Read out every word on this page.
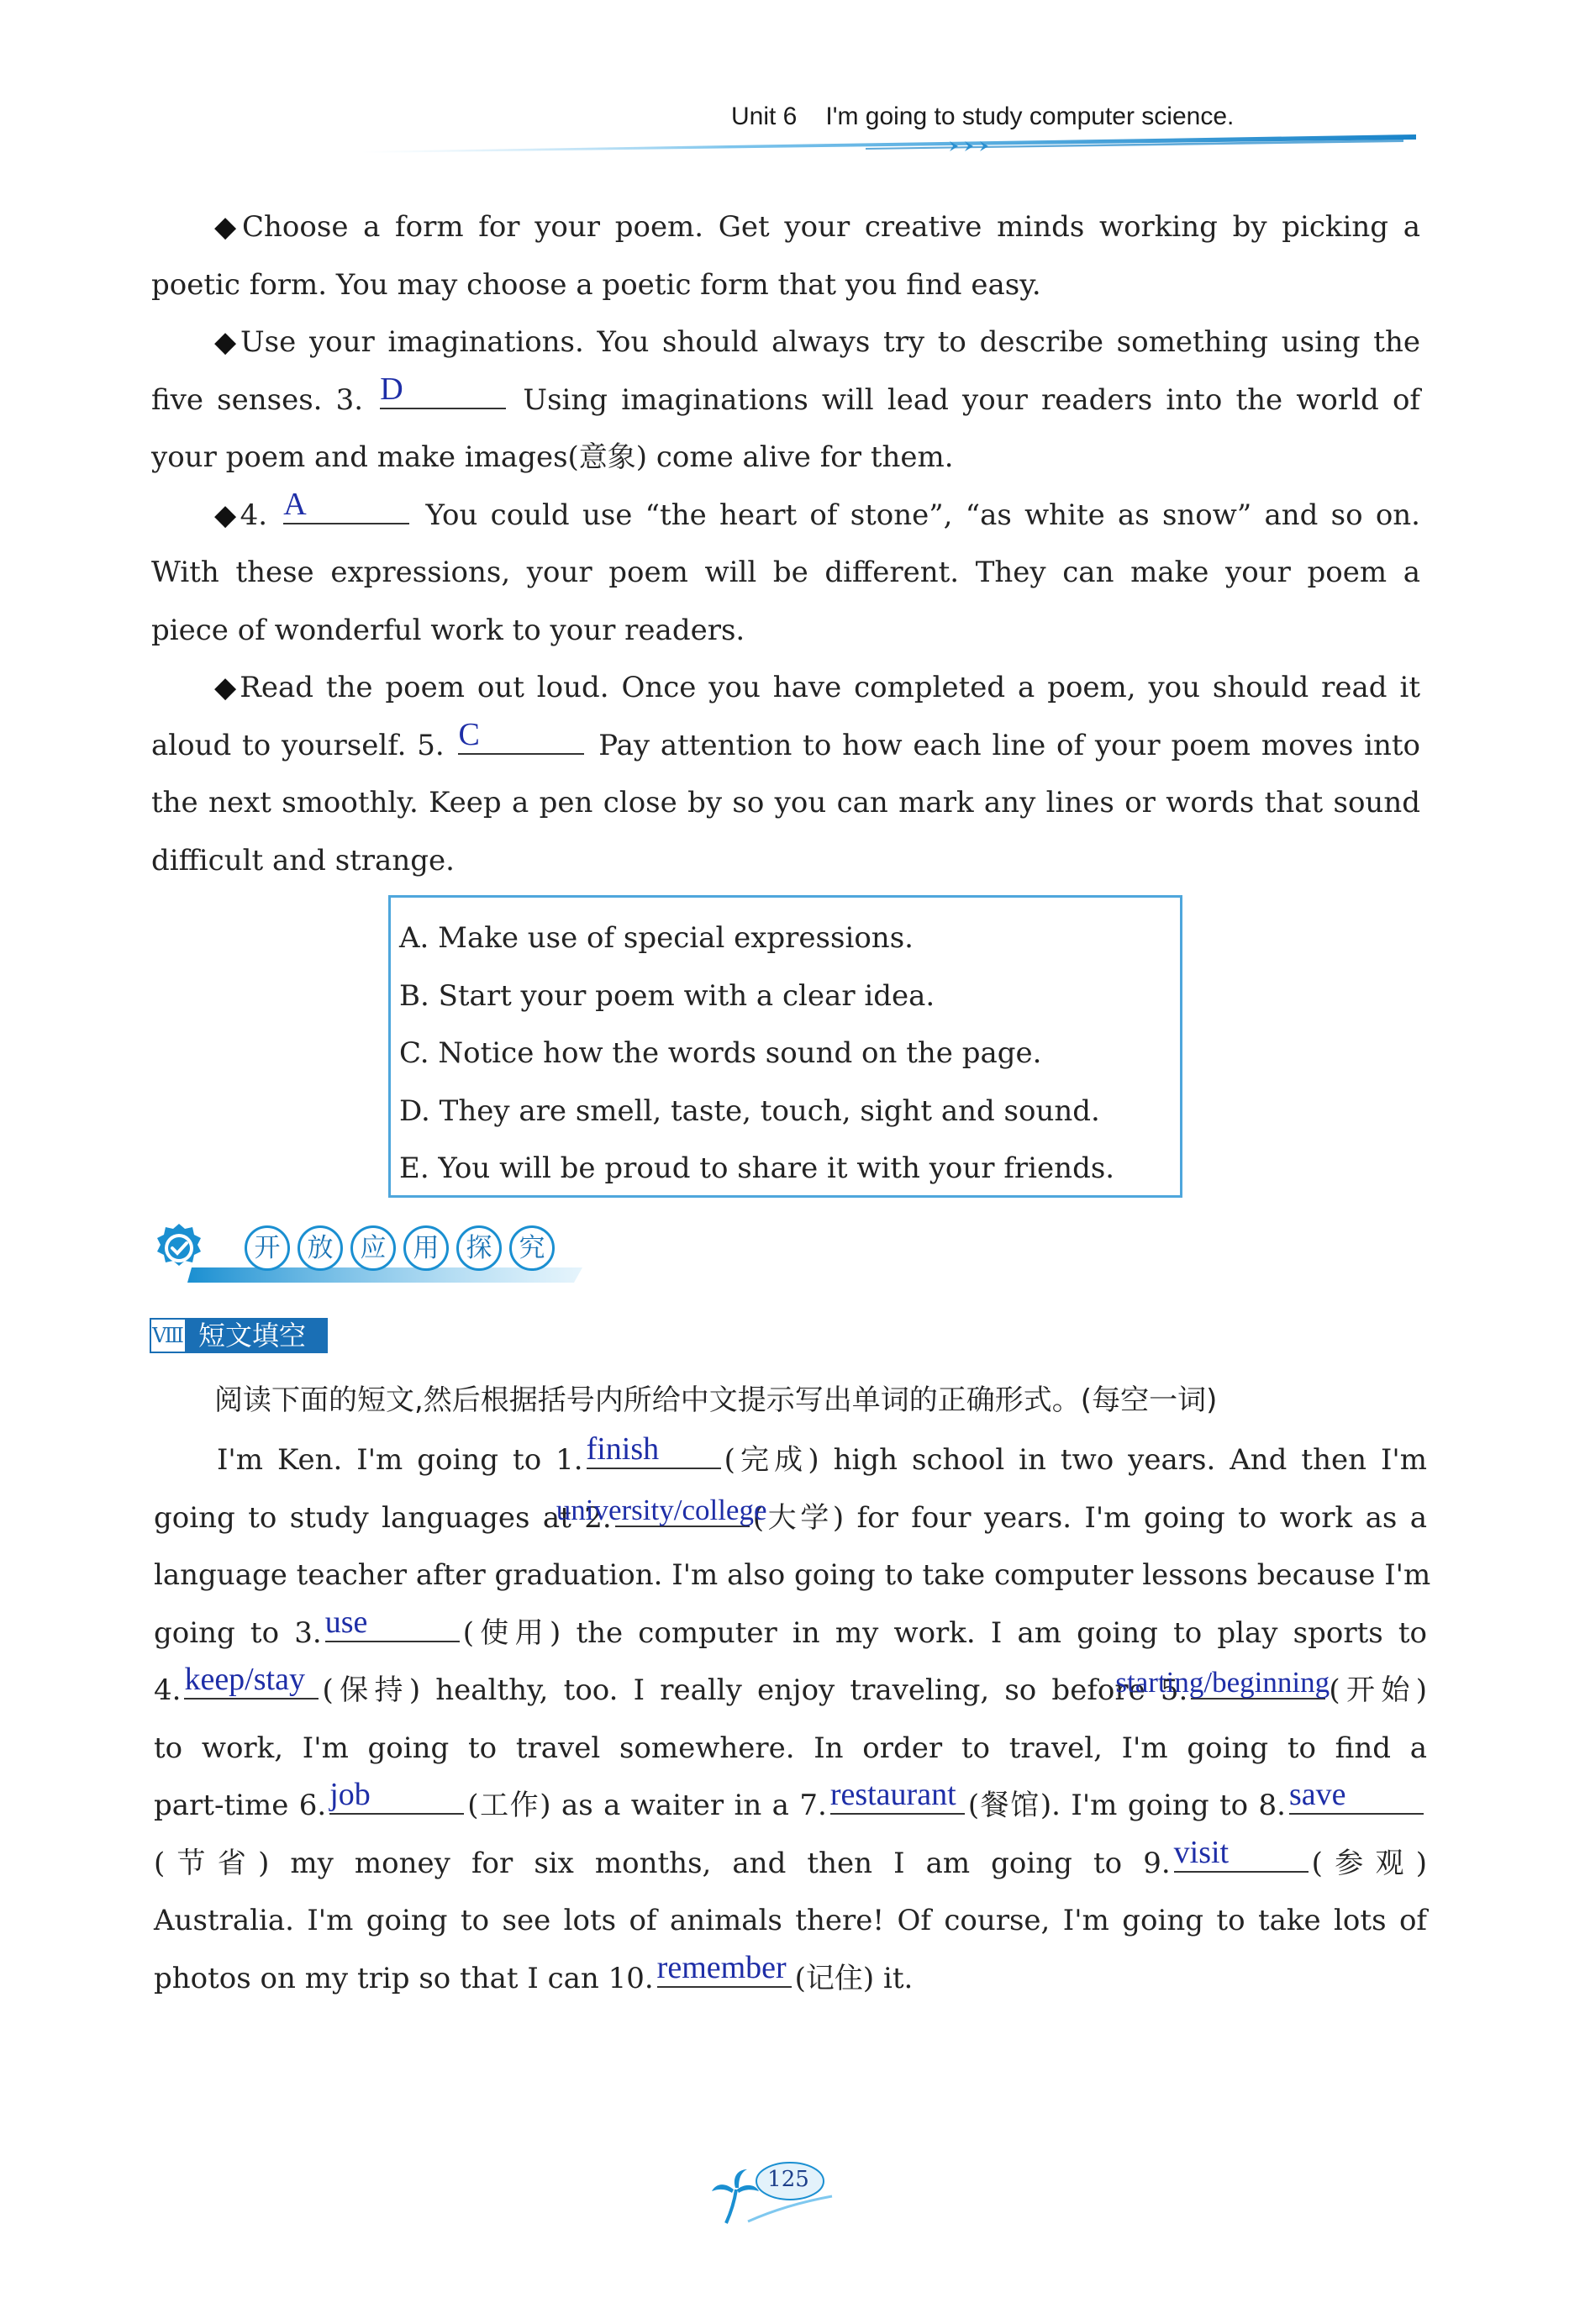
Unit 6 I'm going to study computer science.

◆Choose a form for your poem. Get your creative minds working by picking a

poetic form. You may choose a poetic form that you find easy.

◆Use your imaginations. You should always try to describe something using the

five senses. 3. D	Using imaginations will lead your readers into the world of

your poem and make images(意象) come alive for them.

◆4. A	You could use “the heart of stone”, “as white as snow” and so on.

With these expressions, your poem will be different. They can make your poem a

piece of wonderful work to your readers.

◆Read the poem out loud. Once you have completed a poem, you should read it

aloud to yourself. 5. C	Pay attention to how each line of your poem moves into

the next smoothly. Keep a pen close by so you can mark any lines or words that sound

difficult and strange.

A. Make use of special expressions.

B. Start your poem with a clear idea.

C. Notice how the words sound on the page.

D. They are smell, taste, touch, sight and sound.

E. You will be proud to share it with your friends.

开	放	应	用	探	究
Ⅷ 短文填空
阅读下面的短文,然后根据括号内所给中文提示写出单词的正确形式。(每空一词)

I'm Ken. I'm going to 1. finish	(完成) high school in two years. And then I'm

going to study languages at 2.
university/college
(大学) for four years. I'm going to work as a

language teacher after graduation. I'm also going to take computer lessons because I'm

going to 3. use	(使用) the computer in my work. I am going to play sports to

4. keep/stay (保持) healthy, too. I really enjoy traveling, so before 5.
starting/beginning (开始)

to work, I'm going to travel somewhere. In order to travel, I'm going to find a

part-time 6. job	(工作) as a waiter in a 7. restaurant (餐馆). I'm going to 8. save

(节省) my money for six months, and then I am going to 9. visit	(参观)

Australia. I'm going to see lots of animals there! Of course, I'm going to take lots of

photos on my trip so that I can 10. remember (记住) it.

125
